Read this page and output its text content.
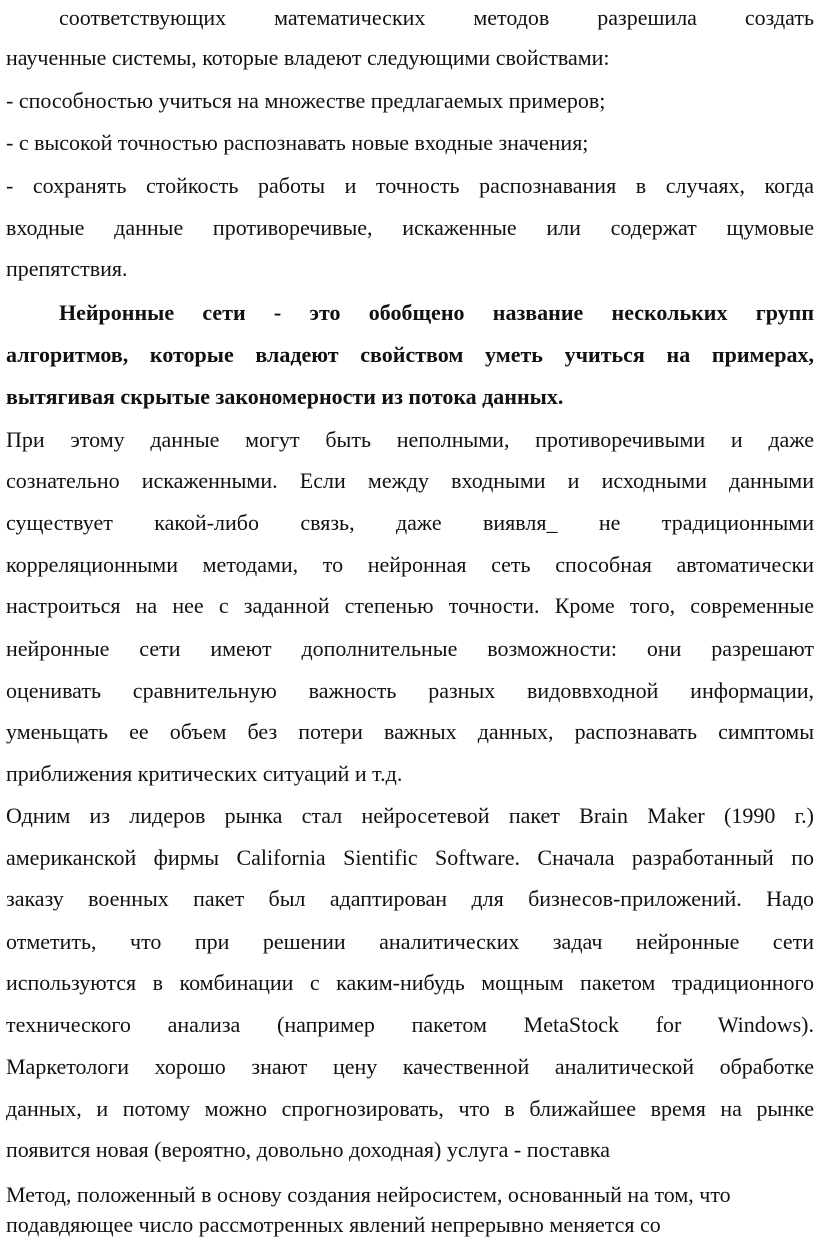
соответствующих математических методов разрешила создать
наученные системы, которые владеют следующими свойствами:
- способностью учиться на множестве предлагаемых примеров;
- с высокой точностью распознавать новые входные значения;
- сохранять стойкость работы и точность распознавания в случаях, когда
входные данные противоречивые, искаженные или содержат щумовые
препятствия.
Нейронные сети - это обобщено название нескольких групп
алгоритмов, которые владеют свойством уметь учиться на примерах,
вытягивая скрытые закономерности из потока данных.
При этому данные могут быть неполными, противоречивыми и даже
сознательно искаженными. Если между входными и исходными данными
существует какой-либо связь, даже виявля_ не традиционными
корреляционными методами, то нейронная сеть способная автоматически
настроиться на нее с заданной степенью точности. Кроме того, современные
нейронные сети имеют дополнительные возможности: они разрешают
оценивать сравнительную важность разных видоввходной информации,
уменьщать ее объем без потери важных данных, распознавать симптомы
приближения критических ситуаций и т.д.
Одним из лидеров рынка стал нейросетевой пакет Brain Maker (1990 г.)
американской фирмы California Sientific Software. Сначала разработанный по
заказу военных пакет был адаптирован для бизнесов-приложений. Надо
отметить, что при решении аналитических задач нейронные сети
используются в комбинации с каким-нибудь мощным пакетом традиционного
технического анализа (например пакетом MetaStock for Windows).
Маркетологи хорошо знают цену качественной аналитической обработке
данных, и потому можно спрогнозировать, что в ближайшее время на рынке
появится новая (вероятно, довольно доходная) услуга - поставка
Метод, положенный в основу создания нейросистем, основанный на том, что
подавдяющее число рассмотренных явлений непрерывно меняется со
